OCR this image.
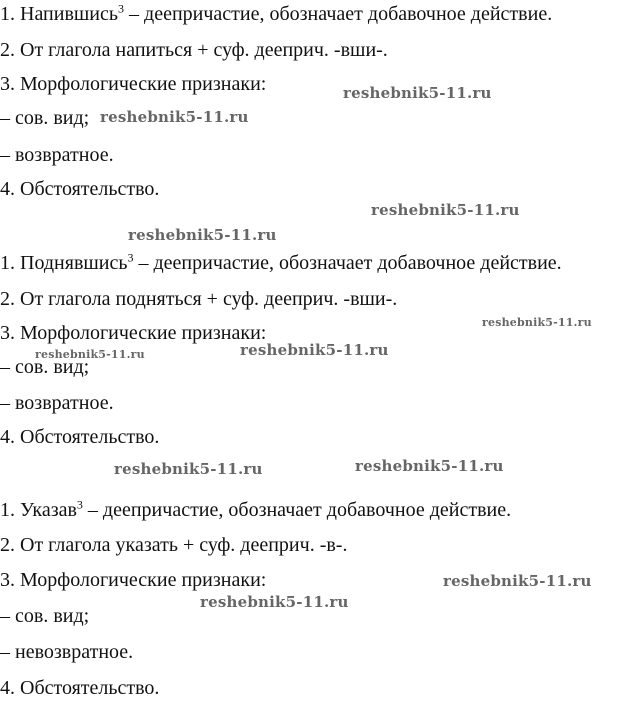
1. Напившись$^3$ – деепричастие, обозначает добавочное действие.
2. От глагола напиться + суф. дееприч. -вши-.
3. Морфологические признаки:
– сов. вид;
– возвратное.
4. Обстоятельство.
1. Поднявшись$^3$ – деепричастие, обозначает добавочное действие.
2. От глагола подняться + суф. дееприч. -вши-.
3. Морфологические признаки:
– сов. вид;
– возвратное.
4. Обстоятельство.
1. Указав$^3$ – деепричастие, обозначает добавочное действие.
2. От глагола указать + суф. дееприч. -в-.
3. Морфологические признаки:
– сов. вид;
– невозвратное.
4. Обстоятельство.
reshebnik5-11.ru
reshebnik5-11.ru
reshebnik5-11.ru
reshebnik5-11.ru
reshebnik5-11.ru
reshebnik5-11.ru
reshebnik5-11.ru
reshebnik5-11.ru	reshebnik5-11.ru
reshebnik5-11.ru
reshebnik5-11.ru
